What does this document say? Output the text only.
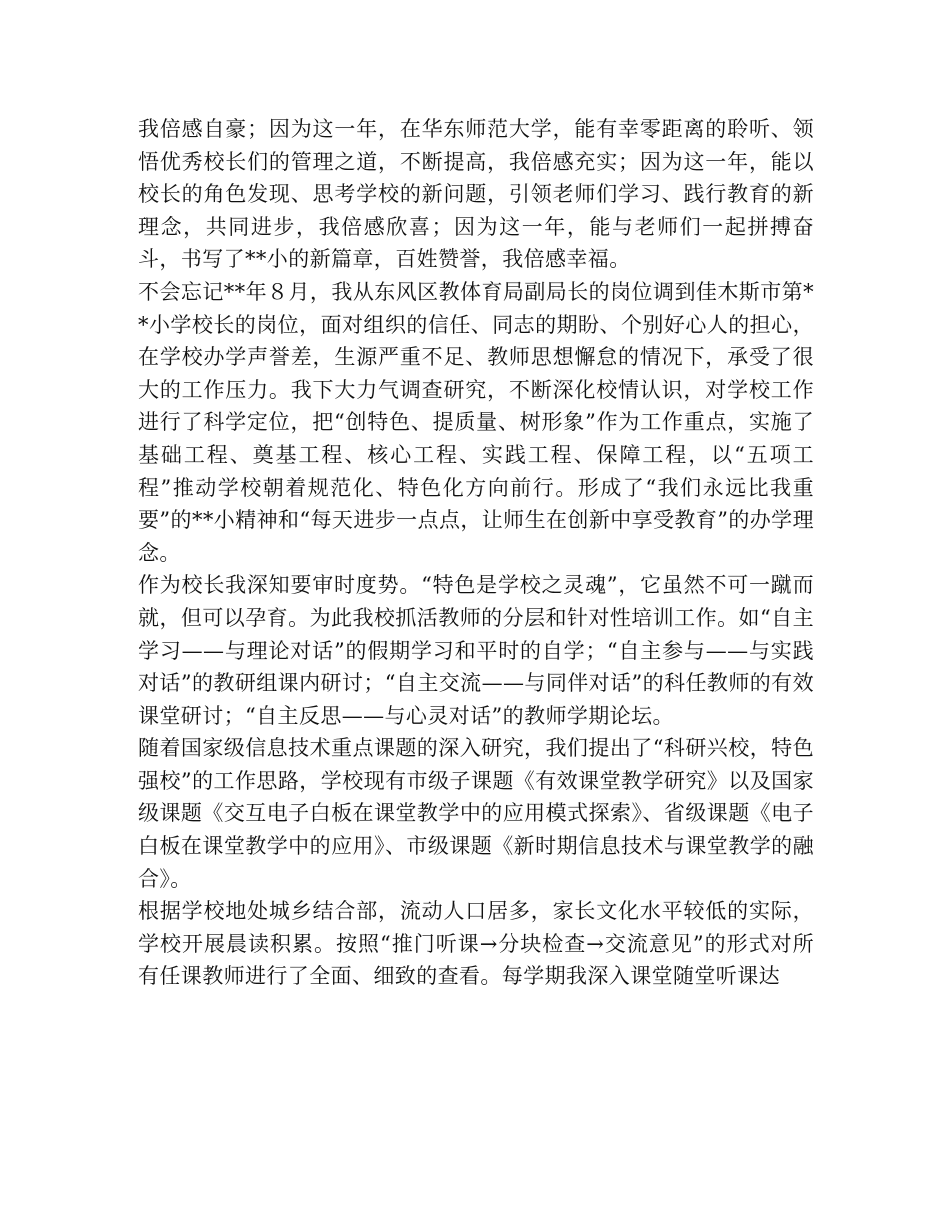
我倍感自豪；因为这一年，在华东师范大学，能有幸零距离的聆听、领悟优秀校长们的管理之道，不断提高，我倍感充实；因为这一年，能以校长的角色发现、思考学校的新问题，引领老师们学习、践行教育的新理念，共同进步，我倍感欣喜；因为这一年，能与老师们一起拼搏奋斗，书写了**小的新篇章，百姓赞誉，我倍感幸福。

不会忘记**年８月，我从东风区教体育局副局长的岗位调到佳木斯市第**小学校长的岗位，面对组织的信任、同志的期盼、个别好心人的担心，在学校办学声誉差，生源严重不足、教师思想懈怠的情况下，承受了很大的工作压力。我下大力气调查研究，不断深化校情认识，对学校工作进行了科学定位，把“创特色、提质量、树形象”作为工作重点，实施了基础工程、奠基工程、核心工程、实践工程、保障工程，以“五项工程”推动学校朝着规范化、特色化方向前行。形成了“我们永远比我重要”的**小精神和“每天进步一点点，让师生在创新中享受教育”的办学理念。

作为校长我深知要审时度势。“特色是学校之灵魂”，它虽然不可一蹴而就，但可以孕育。为此我校抓活教师的分层和针对性培训工作。如“自主学习——与理论对话”的假期学习和平时的自学；“自主参与——与实践对话”的教研组课内研讨；“自主交流——与同伴对话”的科任教师的有效课堂研讨；“自主反思——与心灵对话”的教师学期论坛。

随着国家级信息技术重点课题的深入研究，我们提出了“科研兴校，特色强校”的工作思路，学校现有市级子课题《有效课堂教学研究》以及国家级课题《交互电子白板在课堂教学中的应用模式探索》、省级课题《电子白板在课堂教学中的应用》、市级课题《新时期信息技术与课堂教学的融合》。

根据学校地处城乡结合部，流动人口居多，家长文化水平较低的实际，学校开展晨读积累。按照“推门听课→分块检查→交流意见”的形式对所有任课教师进行了全面、细致的查看。每学期我深入课堂随堂听课达
